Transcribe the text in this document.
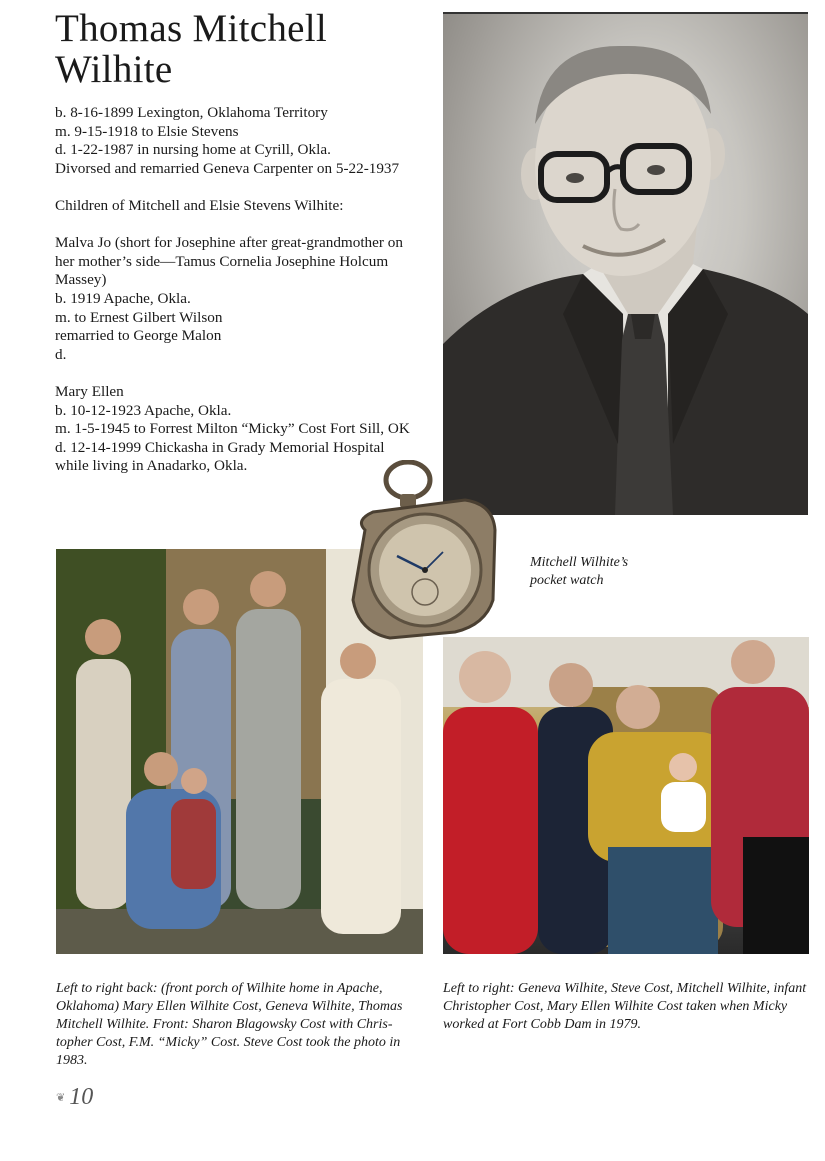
Thomas Mitchell Wilhite
b. 8-16-1899 Lexington, Oklahoma Territory
m. 9-15-1918 to Elsie Stevens
d. 1-22-1987 in nursing home at Cyrill, Okla.
Divorsed and remarried Geneva Carpenter on 5-22-1937
Children of Mitchell and Elsie Stevens Wilhite:
Malva Jo (short for Josephine after great-grandmother on
her mother’s side—Tamus Cornelia Josephine Holcum
Massey)
b. 1919 Apache, Okla.
m. to Ernest Gilbert Wilson
remarried to George Malon
d.
Mary Ellen
b. 10-12-1923 Apache, Okla.
m. 1-5-1945 to Forrest Milton “Micky” Cost Fort Sill, OK
d. 12-14-1999 Chickasha in Grady Memorial Hospital
while living in Anadarko, Okla.
Mitchell Wilhite’s
pocket watch
Left to right back: (front porch of Wilhite home in Apache, Oklahoma) Mary Ellen Wilhite Cost, Geneva Wilhite, Thomas Mitchell Wilhite. Front: Sharon Blagowsky Cost with Chris-topher Cost, F.M. “Micky” Cost. Steve Cost took the photo in 1983.
Left to right: Geneva Wilhite, Steve Cost, Mitchell Wilhite, infant Christopher Cost, Mary Ellen Wilhite Cost taken when Micky worked at Fort Cobb Dam in 1979.
❦ 10
